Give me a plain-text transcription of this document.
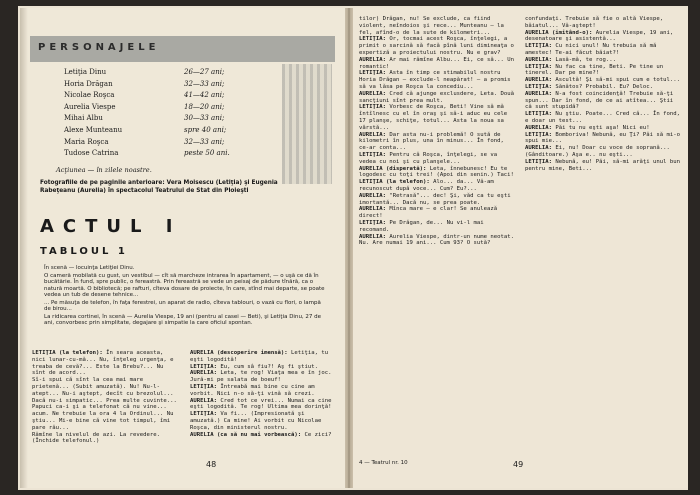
PERSONAJELE
Letiţia Dinu	26—27 ani;
Horia Drăgan	32—33 ani;
Nicolae Roşca	41—42 ani;
Aurelia Viespe	18—20 ani;
Mihai Albu	30—33 ani;
Alexe Munteanu	spre 40 ani;
Maria Roşca	32—33 ani;
Tudose Catrina	peste 50 ani.
Acţiunea — în zilele noastre.
Fotografiile de pe paginile anterioare: Vera Moisescu (Letiţia) şi Eugenia Rabeţeanu (Aurelia) în spectacolul Teatrului de Stat din Ploieşti
ACTUL I
TABLOUL 1

În scenă — locuinţa Letiţiei Dinu.

O cameră mobilată cu gust, un vestibul — cît să marcheze intrarea în apartament, — o uşă ce dă în bucătărie. În fund, spre public, o fereastră. Prin fereastră se vede un peisaj de pădure tînără, ca o natură moartă. O bibliotecă; pe rafturi, cîteva dosare de proiecte, în care, stînd mai departe, se poate vedea un tub de desene tehnice...

... Pe măsuţa de telefon, în faţa ferestrei, un aparat de radio, cîteva tablouri, o vază cu flori, o lampă de birou...

La ridicarea cortinei, în scenă — Aurelia Viespe, 19 ani (pentru al casei — Beti), şi Letiţia Dinu, 27 de ani, convorbesc prin simplitate, degajare şi simpatie la care oficiul spontan.

LETIŢIA (la telefon): În seara aceasta, nici lunar-cu-mă... Nu, înţeleg urgenţa, e treaba de cevă?... Este la Brebu?... Nu sînt de acord...

Sî-i spui că sînt la cea mai mare prietenă... (Subit amuzată). Nu! Nu-l-atept... Nu-i aştept, decît cu brezolul... Dacă nu-i simpatic... Prea multe cuvinte...

Papuci ca-i şi a telefonat că nu vine... acum. Ne trebuie la ora 4 la Ordinul... Nu ştiu... Mi-e bine că vine tot timpul, îmi pare rău...

Rămîne la nivelul de azi. La revedere. (Închide telefonul.)

AURELIA (descoperire imensă): Letiţia, tu eşti logodită!

LETIŢIA: Eu, cum sâ fiu?! Aş fi ştiut.

AURELIA: Leta, te rog! Viaţa mea e în joc. Jură-mi pe salata de boeuf!

LETIŢIA: Întreabă mai bine cu cine am vorbit. Nici n-o să-ţi vină să crezi.

AURELIA: Cred tot ce vrei... Numai ca cine eşti logodită. Te rog! Ultima mea dorinţă!

LETIŢIA: Va fi... (Impresionată şi amuzată.) Ca mine! Ai vorbit cu Nicolae Roşca, din ministerul nostru.

AURELIA (ca să nu mai vorbească): Ce zici?

48

tilor) Drăgan, nu! Se exclude, ca fiind violent, neîndoios şi rece... Munteanu — la fel, afînd-o de la sute de kilometri...

LETIŢIA: Or, tocmai acest Roşca, înţelegi, a primit o sarcină să facă pînă luni dimineaţa o expertiză a proiectului nostru. Nu e grav?

AURELIA: Ar mai rămîne Albu... Ei, ce să... Un romantic!

LETIŢIA: Asta în timp ce stimabilul nostru Horia Drăgan — exclude-l neapărat! — a promis să va lăsa pe Roşca la concediu...

AURELIA: Cred că ajunge exclusdere, Leta. Două sancţiuni sînt prea mult.

LETIŢIA: Vorbesc de Roşca, Beti! Vine să mă întîlnesc cu el în oraş şi să-i aduc eu cele 17 planşe, schiţe, totul... Asta la noua sa vârstă...

AURELIA: Dar asta nu-i problemă! O sută de kilometri în plus, una în minus... În fond, ce-ar conta...

LETIŢIA: Pentru că Roşca, înţelegi, se va vedea cu noi şi cu planşele...

AURELIA (disperată): Leta, înnebunesc! Eu te logodesc cu toţi trei! (Apoi din senin.) Taci!

LETIŢIA (la telefon): Alo... da... Vă-am recunoscut după voce... Cum? Eu?...

AURELIA: "Retrasă"... dec! Şi, văd ca tu eşti imortantă... Dacă nu, se prea poate.

AURELIA: Mînca mare — e clar! Se anulează direct!

LETIŢIA: Pe Drăgan, de... Nu vi-l mai recomand.

AURELIA: Aurelia Viespe, dintr-un nume neotat. Nu. Are numai 19 ani... Cum 93? O sută?

confundaţi. Trebuie să fie o altă Viespe, băiatul... Vă-aştept!

AURELIA (imitând-o): Aurelia Viespe, 19 ani, desenatoare şi asistentă...

LETIŢIA: Cu nici unul! Nu trebuia să mă amestec! Te-ai făcut băiat?!

AURELIA: Lasă-mă, te rog...

LETIŢIA: Nu fac ca tine, Beti. Pe tine un tinerel. Dar pe mine?!

AURELIA: Ascultă! Şi să-mi spui cum e totul...

LETIŢIA: Sănătos? Probabil. Eu? Deloc.

AURELIA: N-a fost coincidenţă! Trebuie să-ţi spun... Dar în fond, de ce ai atîtea... Ştii că sunt stupidă?

LETIŢIA: Nu ştiu. Poate... Cred că... În fond, e doar un test...

AURELIA: Păi tu nu eşti aşa! Nici eu!

LETIŢIA: Bomboriva! Nebună, eu Ţi? Păi să mi-o spui mie...

AURELIA: Ei, nu! Doar cu voce de soprană... (Gânditoare.) Aşa e.. nu eşti...

LETIŢIA: Nebună, eu! Păi, să-mi arăţi unul bun pentru mine, Beti...

4 — Teatrul nr. 10	49
